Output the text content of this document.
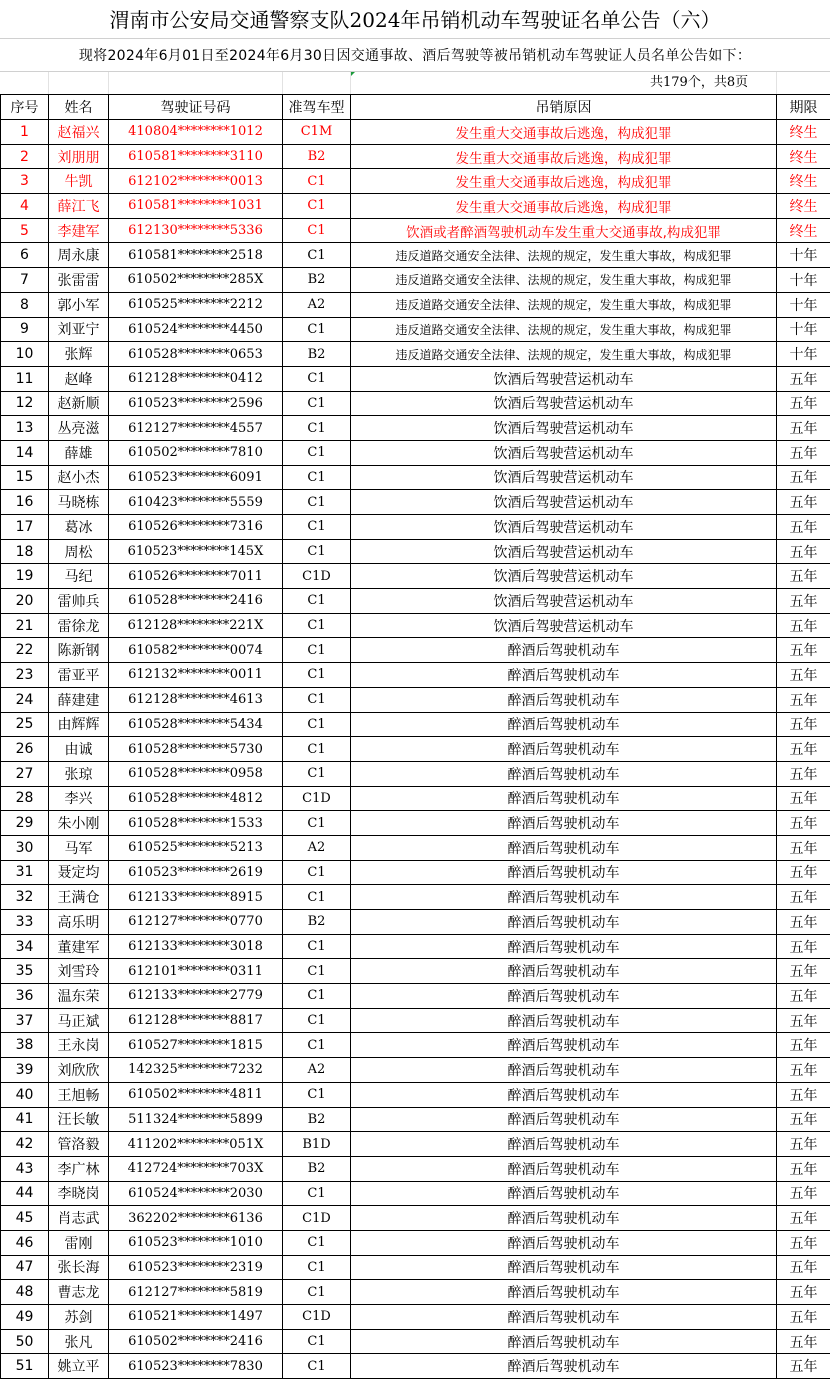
渭南市公安局交通警察支队2024年吊销机动车驾驶证名单公告（六）
现将2024年6月01日至2024年6月30日因交通事故、酒后驾驶等被吊销机动车驾驶证人员名单公告如下：
共179个，共8页
序号	姓名	驾驶证号码	准驾车型	吊销原因	期限
1	赵福兴	410804********1012	C1M	发生重大交通事故后逃逸，构成犯罪	终生
2	刘朋朋	610581********3110	B2	发生重大交通事故后逃逸，构成犯罪	终生
3	牛凯	612102********0013	C1	发生重大交通事故后逃逸，构成犯罪	终生
4	薛江飞	610581********1031	C1	发生重大交通事故后逃逸，构成犯罪	终生
5	李建军	612130********5336	C1	饮酒或者醉酒驾驶机动车发生重大交通事故,构成犯罪	终生
6	周永康	610581********2518	C1	违反道路交通安全法律、法规的规定，发生重大事故，构成犯罪	十年
7	张雷雷	610502********285X	B2	违反道路交通安全法律、法规的规定，发生重大事故，构成犯罪	十年
8	郭小军	610525********2212	A2	违反道路交通安全法律、法规的规定，发生重大事故，构成犯罪	十年
9	刘亚宁	610524********4450	C1	违反道路交通安全法律、法规的规定，发生重大事故，构成犯罪	十年
10	张辉	610528********0653	B2	违反道路交通安全法律、法规的规定，发生重大事故，构成犯罪	十年
11	赵峰	612128********0412	C1	饮酒后驾驶营运机动车	五年
12	赵新顺	610523********2596	C1	饮酒后驾驶营运机动车	五年
13	丛亮滋	612127********4557	C1	饮酒后驾驶营运机动车	五年
14	薛雄	610502********7810	C1	饮酒后驾驶营运机动车	五年
15	赵小杰	610523********6091	C1	饮酒后驾驶营运机动车	五年
16	马晓栋	610423********5559	C1	饮酒后驾驶营运机动车	五年
17	葛冰	610526********7316	C1	饮酒后驾驶营运机动车	五年
18	周松	610523********145X	C1	饮酒后驾驶营运机动车	五年
19	马纪	610526********7011	C1D	饮酒后驾驶营运机动车	五年
20	雷帅兵	610528********2416	C1	饮酒后驾驶营运机动车	五年
21	雷徐龙	612128********221X	C1	饮酒后驾驶营运机动车	五年
22	陈新钢	610582********0074	C1	醉酒后驾驶机动车	五年
23	雷亚平	612132********0011	C1	醉酒后驾驶机动车	五年
24	薛建建	612128********4613	C1	醉酒后驾驶机动车	五年
25	由辉辉	610528********5434	C1	醉酒后驾驶机动车	五年
26	由诚	610528********5730	C1	醉酒后驾驶机动车	五年
27	张琼	610528********0958	C1	醉酒后驾驶机动车	五年
28	李兴	610528********4812	C1D	醉酒后驾驶机动车	五年
29	朱小刚	610528********1533	C1	醉酒后驾驶机动车	五年
30	马军	610525********5213	A2	醉酒后驾驶机动车	五年
31	聂定均	610523********2619	C1	醉酒后驾驶机动车	五年
32	王满仓	612133********8915	C1	醉酒后驾驶机动车	五年
33	高乐明	612127********0770	B2	醉酒后驾驶机动车	五年
34	董建军	612133********3018	C1	醉酒后驾驶机动车	五年
35	刘雪玲	612101********0311	C1	醉酒后驾驶机动车	五年
36	温东荣	612133********2779	C1	醉酒后驾驶机动车	五年
37	马正斌	612128********8817	C1	醉酒后驾驶机动车	五年
38	王永岗	610527********1815	C1	醉酒后驾驶机动车	五年
39	刘欣欣	142325********7232	A2	醉酒后驾驶机动车	五年
40	王旭畅	610502********4811	C1	醉酒后驾驶机动车	五年
41	汪长敏	511324********5899	B2	醉酒后驾驶机动车	五年
42	管洛毅	411202********051X	B1D	醉酒后驾驶机动车	五年
43	李广林	412724********703X	B2	醉酒后驾驶机动车	五年
44	李晓岗	610524********2030	C1	醉酒后驾驶机动车	五年
45	肖志武	362202********6136	C1D	醉酒后驾驶机动车	五年
46	雷刚	610523********1010	C1	醉酒后驾驶机动车	五年
47	张长海	610523********2319	C1	醉酒后驾驶机动车	五年
48	曹志龙	612127********5819	C1	醉酒后驾驶机动车	五年
49	苏剑	610521********1497	C1D	醉酒后驾驶机动车	五年
50	张凡	610502********2416	C1	醉酒后驾驶机动车	五年
51	姚立平	610523********7830	C1	醉酒后驾驶机动车	五年
